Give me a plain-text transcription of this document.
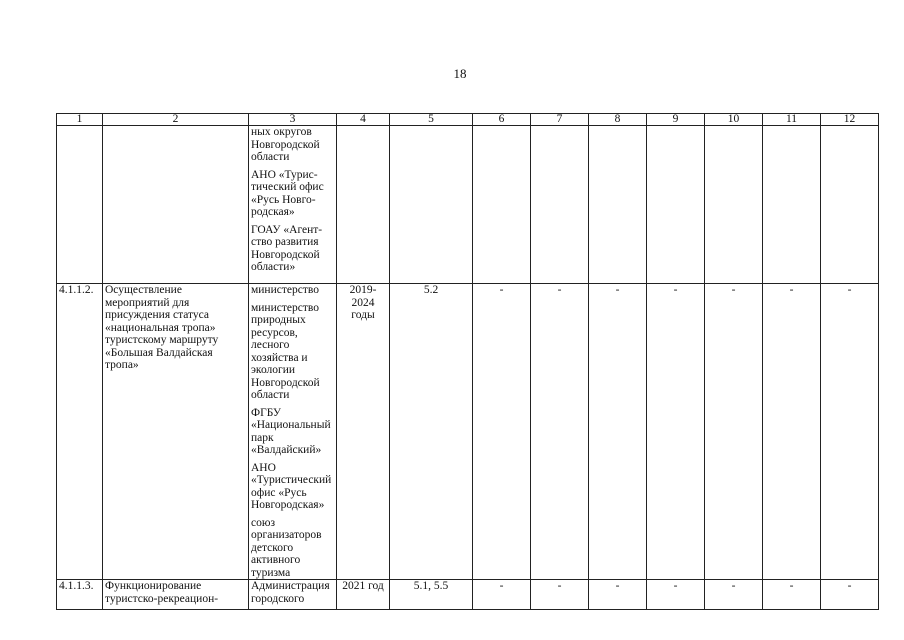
18
1	2	3	4	5	6	7	8	9	10	11	12

		ных округов Новгородской области
АНО «Турис-тический офис «Русь Новго-родская»
ГОАУ «Агент-ство развития Новгородской области»									

4.1.1.2.	Осуществление мероприятий для присуждения статуса «национальная тропа» туристскому маршруту «Большая Валдайская тропа»	министерство
министерство природных ресурсов, лесного хозяйства и экологии Новгородской области
ФГБУ «Национальный парк «Валдайский»
АНО «Туристический офис «Русь Новгородская»
союз организаторов детского активного туризма	2019-2024 годы	5.2	-	-	-	-	-	-	-
4.1.1.3.	Функционирование туристско-рекреацион-	Администрация городского	2021 год	5.1, 5.5	-	-	-	-	-	-	-
